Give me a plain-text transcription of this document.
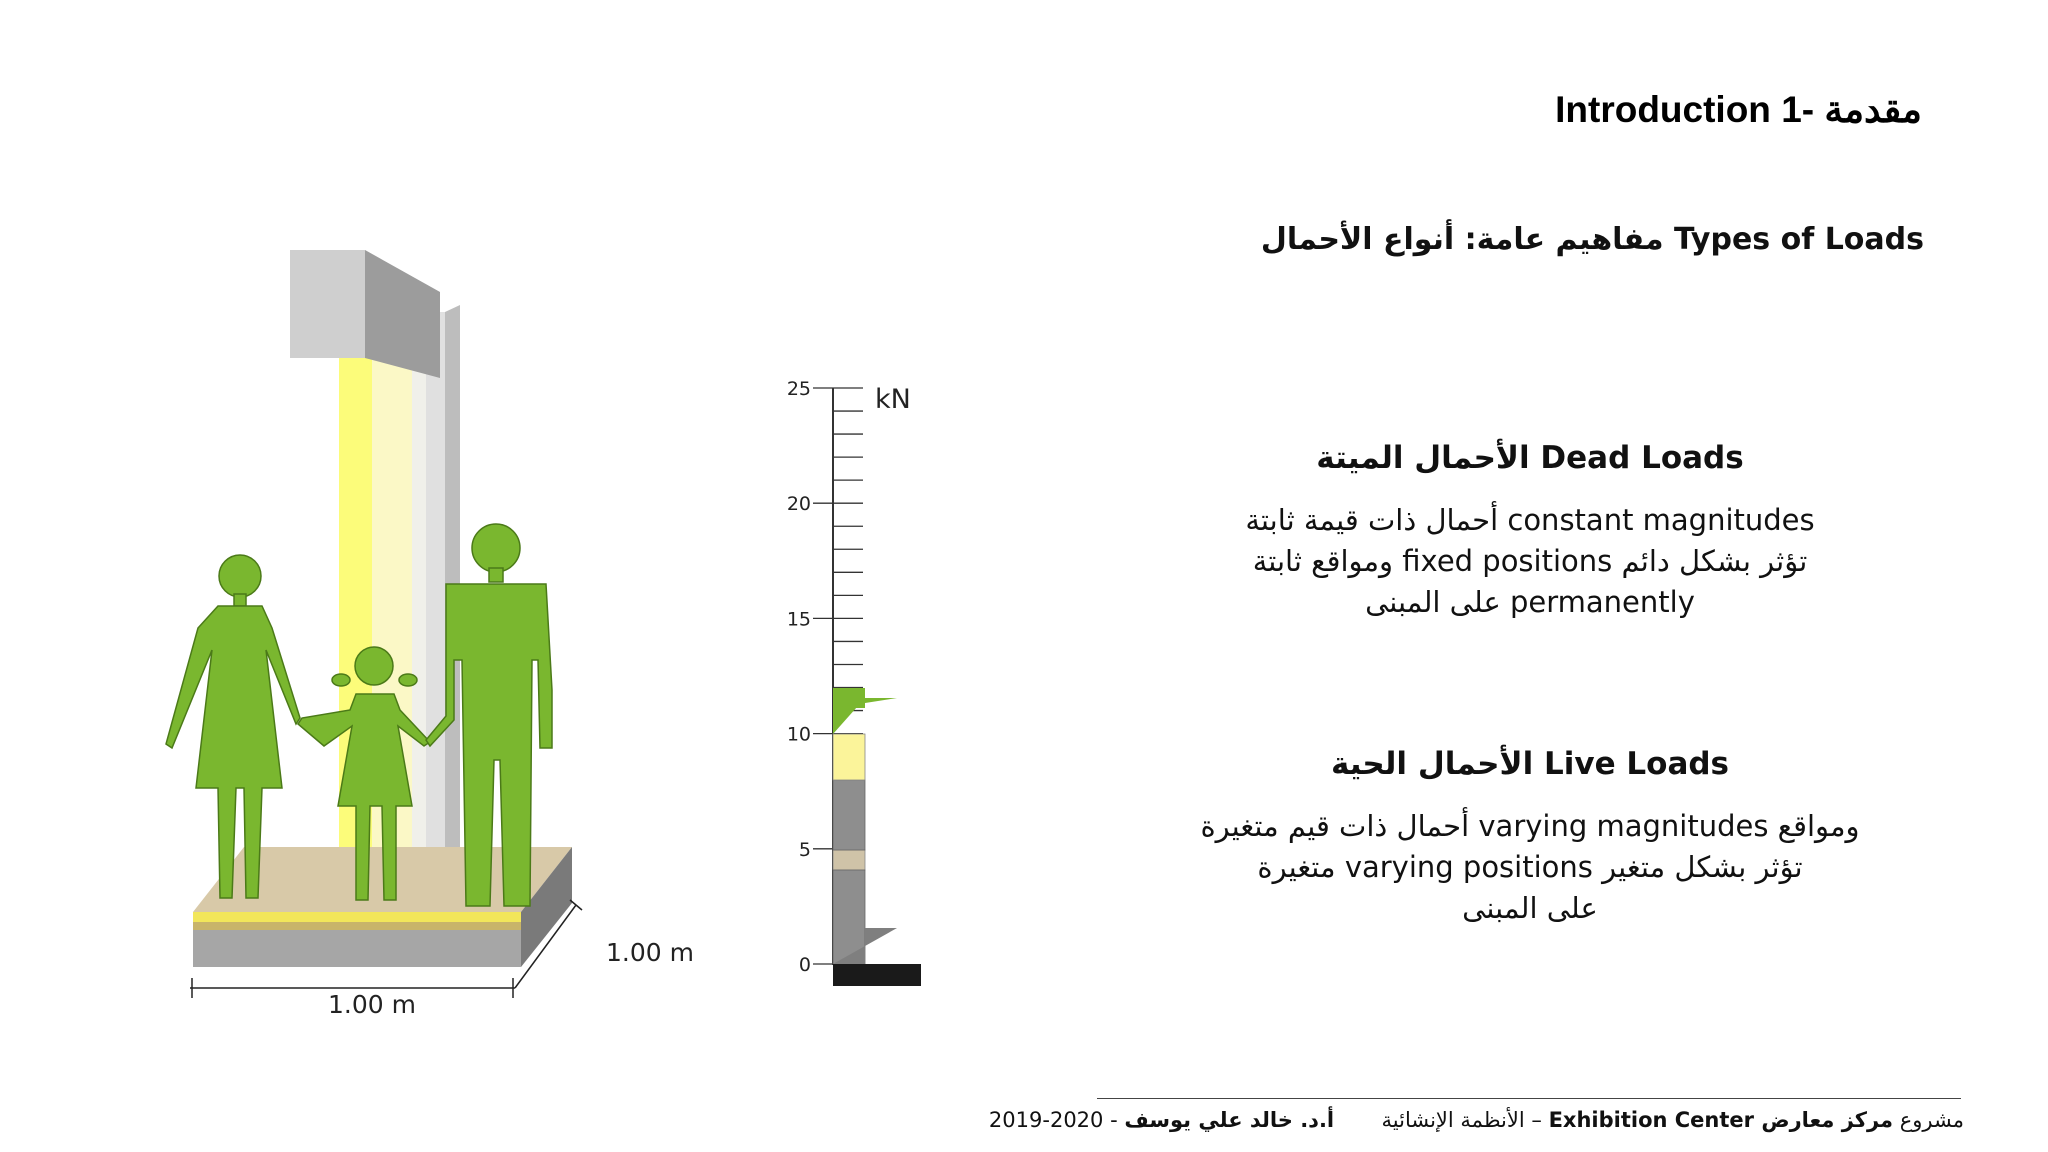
Introduction مقدمة -1
مفاهيم عامة: أنواع الأحمال Types of Loads
الأحمال الميتة Dead Loads

أحمال ذات قيمة ثابتة constant magnitudes
ومواقع ثابتة fixed positions تؤثر بشكل دائم
على المبنى permanently

الأحمال الحية Live Loads

أحمال ذات قيم متغيرة varying magnitudes ومواقع
متغيرة varying positions تؤثر بشكل متغير
على المبنى

1.00 m
1.00 m
25
20
15
10
5
0
kN
مشروع مركز معارض Exhibition Center – الأنظمة الإنشائية  أ.د. خالد علي يوسف - 2020-2019
